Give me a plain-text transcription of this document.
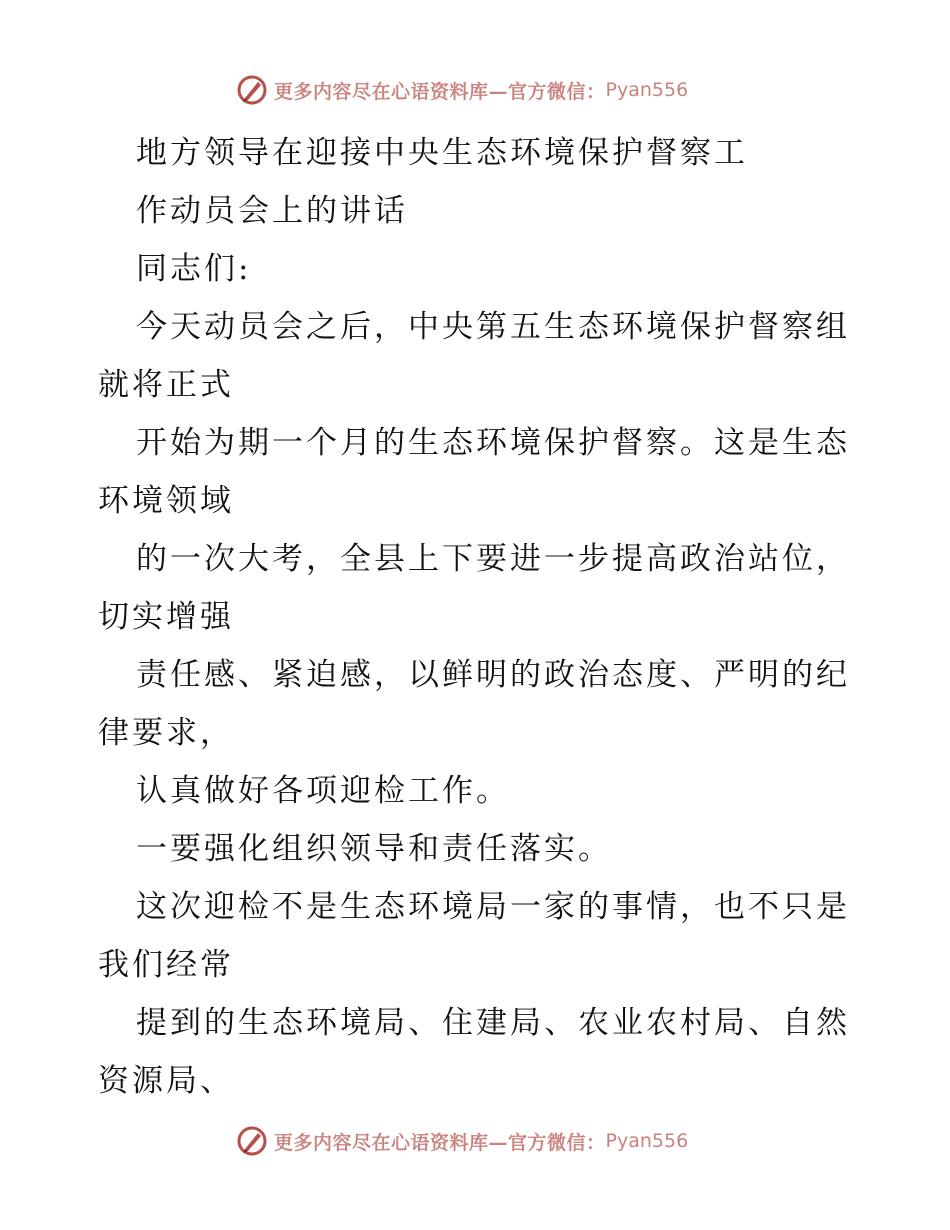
更多内容尽在心语资料库—官方微信： Pyan556
地方领导在迎接中央生态环境保护督察工
作动员会上的讲话
同志们:
今天动员会之后，中央第五生态环境保护督察组
就将正式
开始为期一个月的生态环境保护督察。这是生态
环境领域
的一次大考，全县上下要进一步提高政治站位，
切实增强
责任感、紧迫感，以鲜明的政治态度、严明的纪
律要求，
认真做好各项迎检工作。
一要强化组织领导和责任落实。
这次迎检不是生态环境局一家的事情，也不只是
我们经常
提到的生态环境局、住建局、农业农村局、自然
资源局、
更多内容尽在心语资料库—官方微信： Pyan556
